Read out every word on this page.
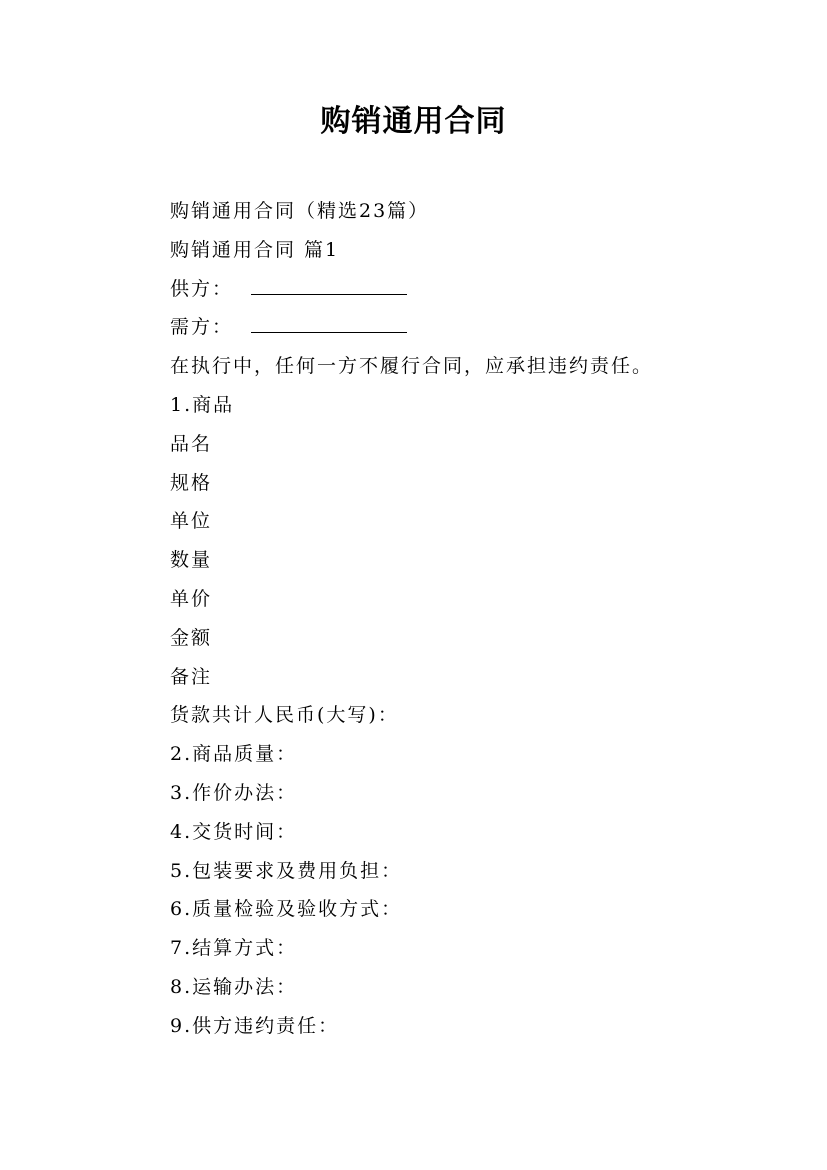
购销通用合同
购销通用合同（精选23篇）
购销通用合同 篇1
供方：
需方：
在执行中，任何一方不履行合同，应承担违约责任。
1.商品
品名
规格
单位
数量
单价
金额
备注
货款共计人民币(大写)：
2.商品质量：
3.作价办法：
4.交货时间：
5.包装要求及费用负担：
6.质量检验及验收方式：
7.结算方式：
8.运输办法：
9.供方违约责任：
